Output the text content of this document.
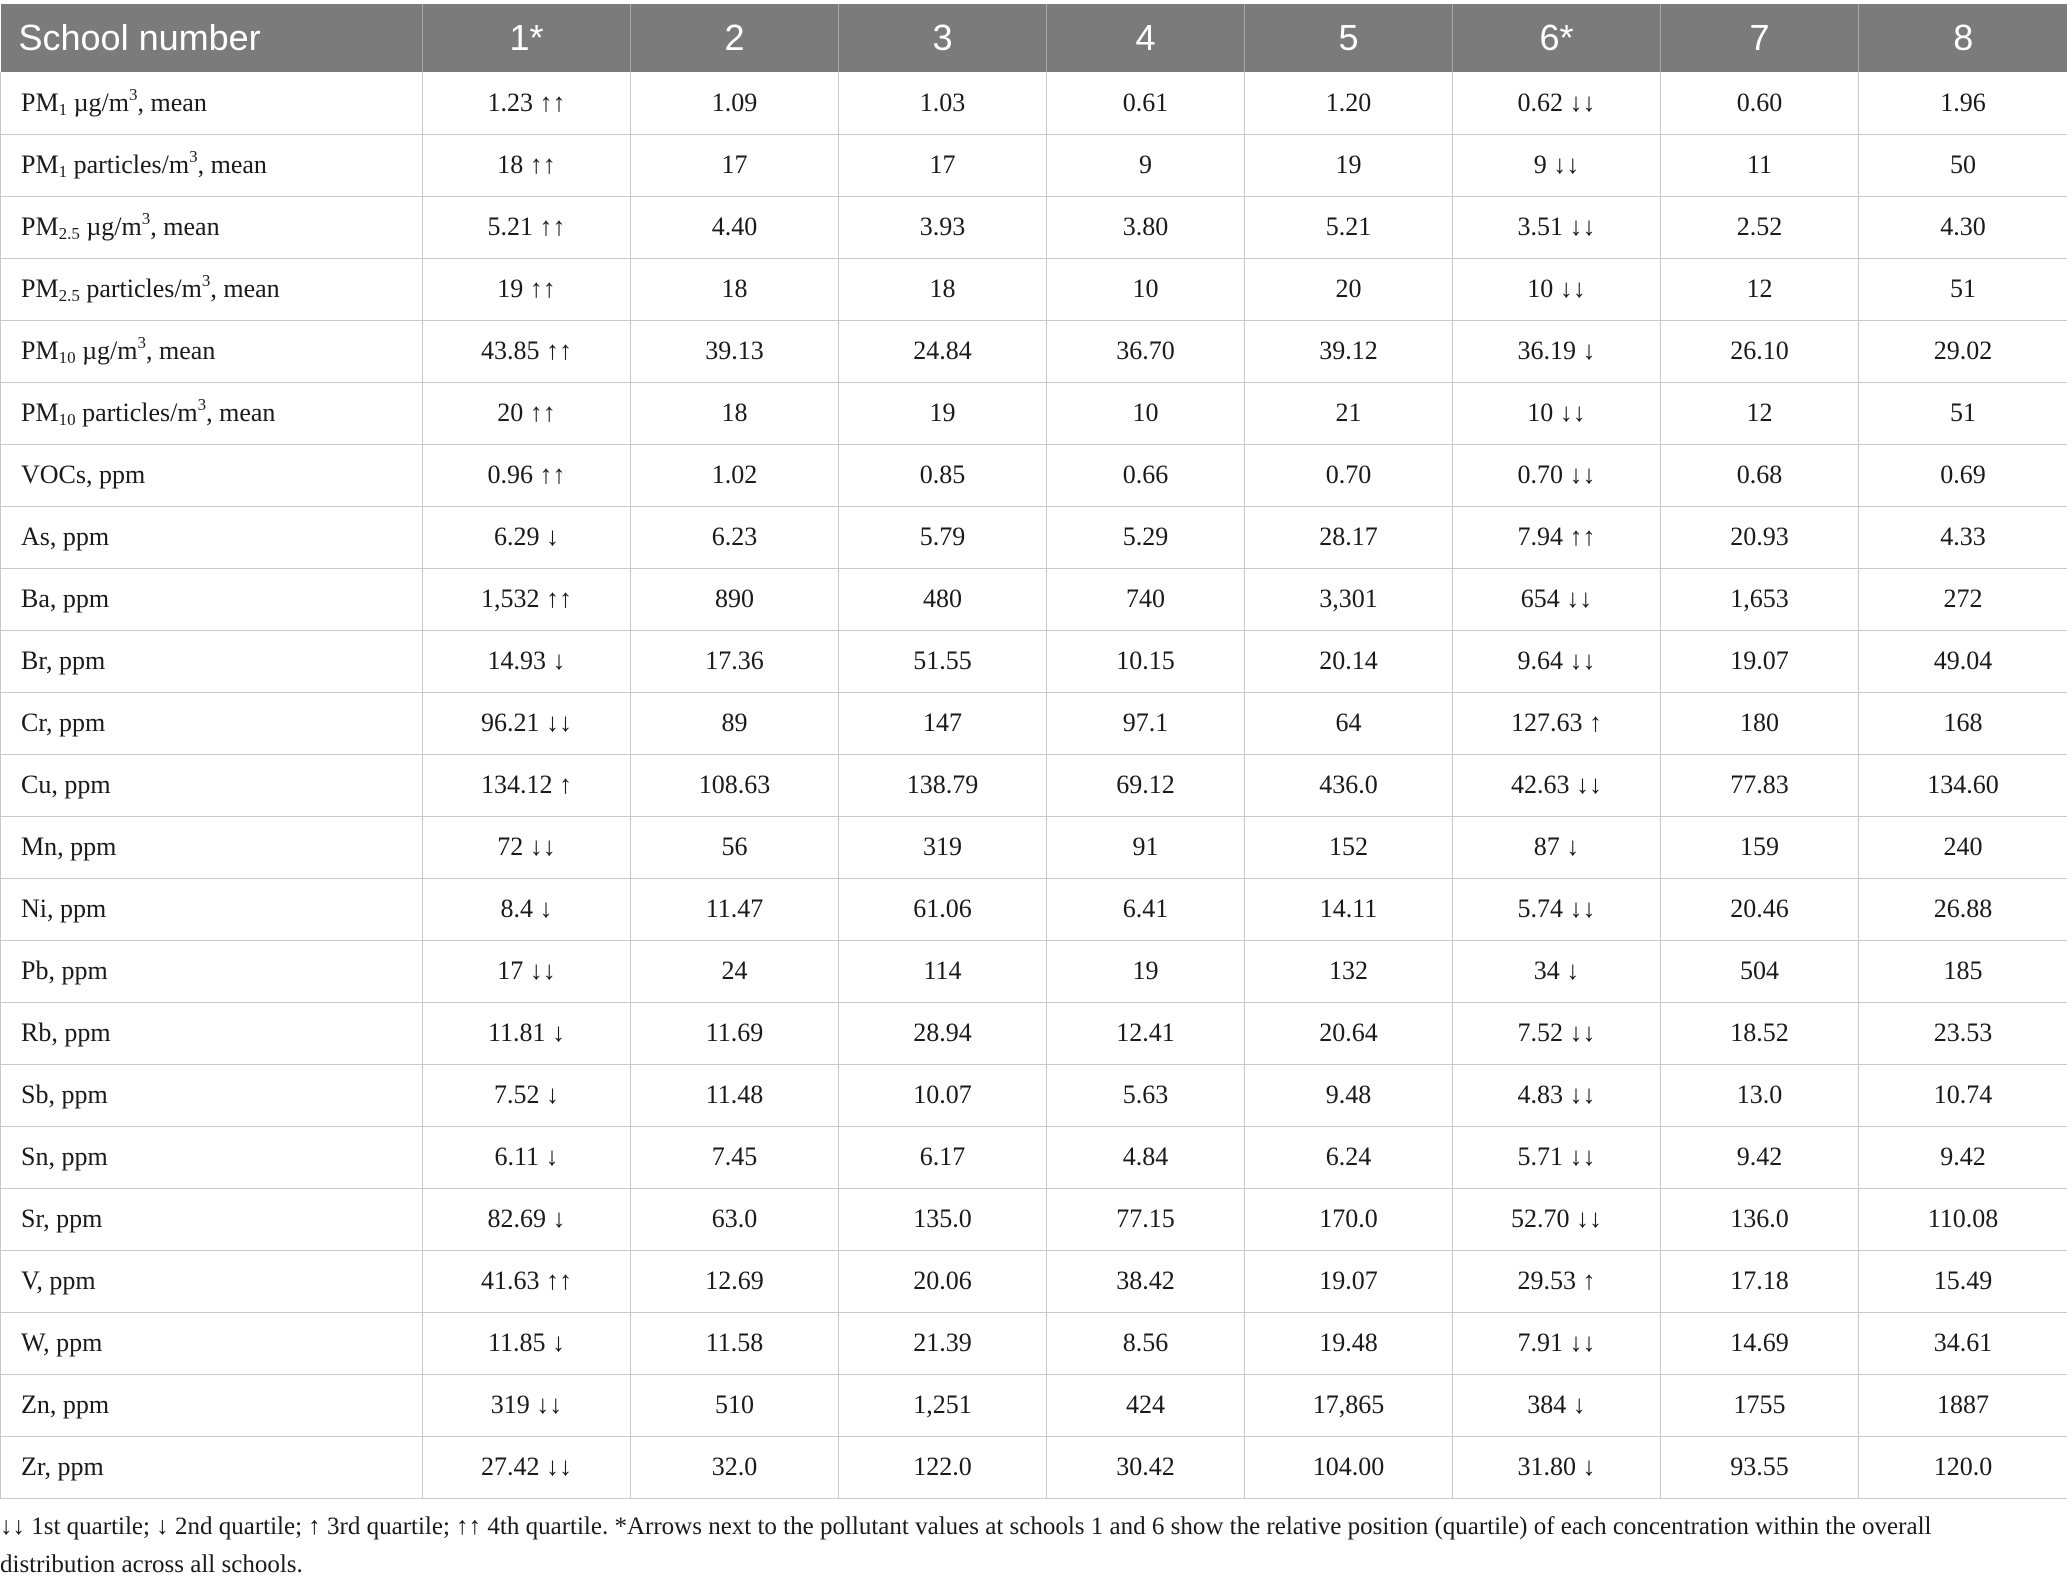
School number	1*	2	3	4	5	6*	7	8
$PM_1$ $\mu g/m^3$, mean	1.23 ↑↑	1.09	1.03	0.61	1.20	0.62 ↓↓	0.60	1.96
$PM_1$ particles/$m^3$, mean	18 ↑↑	17	17	9	19	9 ↓↓	11	50
$PM_{2.5}$ $\mu g/m^3$, mean	5.21 ↑↑	4.40	3.93	3.80	5.21	3.51 ↓↓	2.52	4.30
$PM_{2.5}$ particles/$m^3$, mean	19 ↑↑	18	18	10	20	10 ↓↓	12	51
$PM_{10}$ $\mu g/m^3$, mean	43.85 ↑↑	39.13	24.84	36.70	39.12	36.19 ↓	26.10	29.02
$PM_{10}$ particles/$m^3$, mean	20 ↑↑	18	19	10	21	10 ↓↓	12	51
VOCs, ppm	0.96 ↑↑	1.02	0.85	0.66	0.70	0.70 ↓↓	0.68	0.69
As, ppm	6.29 ↓	6.23	5.79	5.29	28.17	7.94 ↑↑	20.93	4.33
Ba, ppm	1,532 ↑↑	890	480	740	3,301	654 ↓↓	1,653	272
Br, ppm	14.93 ↓	17.36	51.55	10.15	20.14	9.64 ↓↓	19.07	49.04
Cr, ppm	96.21 ↓↓	89	147	97.1	64	127.63 ↑	180	168
Cu, ppm	134.12 ↑	108.63	138.79	69.12	436.0	42.63 ↓↓	77.83	134.60
Mn, ppm	72 ↓↓	56	319	91	152	87 ↓	159	240
Ni, ppm	8.4 ↓	11.47	61.06	6.41	14.11	5.74 ↓↓	20.46	26.88
Pb, ppm	17 ↓↓	24	114	19	132	34 ↓	504	185
Rb, ppm	11.81 ↓	11.69	28.94	12.41	20.64	7.52 ↓↓	18.52	23.53
Sb, ppm	7.52 ↓	11.48	10.07	5.63	9.48	4.83 ↓↓	13.0	10.74
Sn, ppm	6.11 ↓	7.45	6.17	4.84	6.24	5.71 ↓↓	9.42	9.42
Sr, ppm	82.69 ↓	63.0	135.0	77.15	170.0	52.70 ↓↓	136.0	110.08
V, ppm	41.63 ↑↑	12.69	20.06	38.42	19.07	29.53 ↑	17.18	15.49
W, ppm	11.85 ↓	11.58	21.39	8.56	19.48	7.91 ↓↓	14.69	34.61
Zn, ppm	319 ↓↓	510	1,251	424	17,865	384 ↓	1755	1887
Zr, ppm	27.42 ↓↓	32.0	122.0	30.42	104.00	31.80 ↓	93.55	120.0

↓↓ 1st quartile; ↓ 2nd quartile; ↑ 3rd quartile; ↑↑ 4th quartile. *Arrows next to the pollutant values at schools 1 and 6 show the relative position (quartile) of each concentration within the overall distribution across all schools.
